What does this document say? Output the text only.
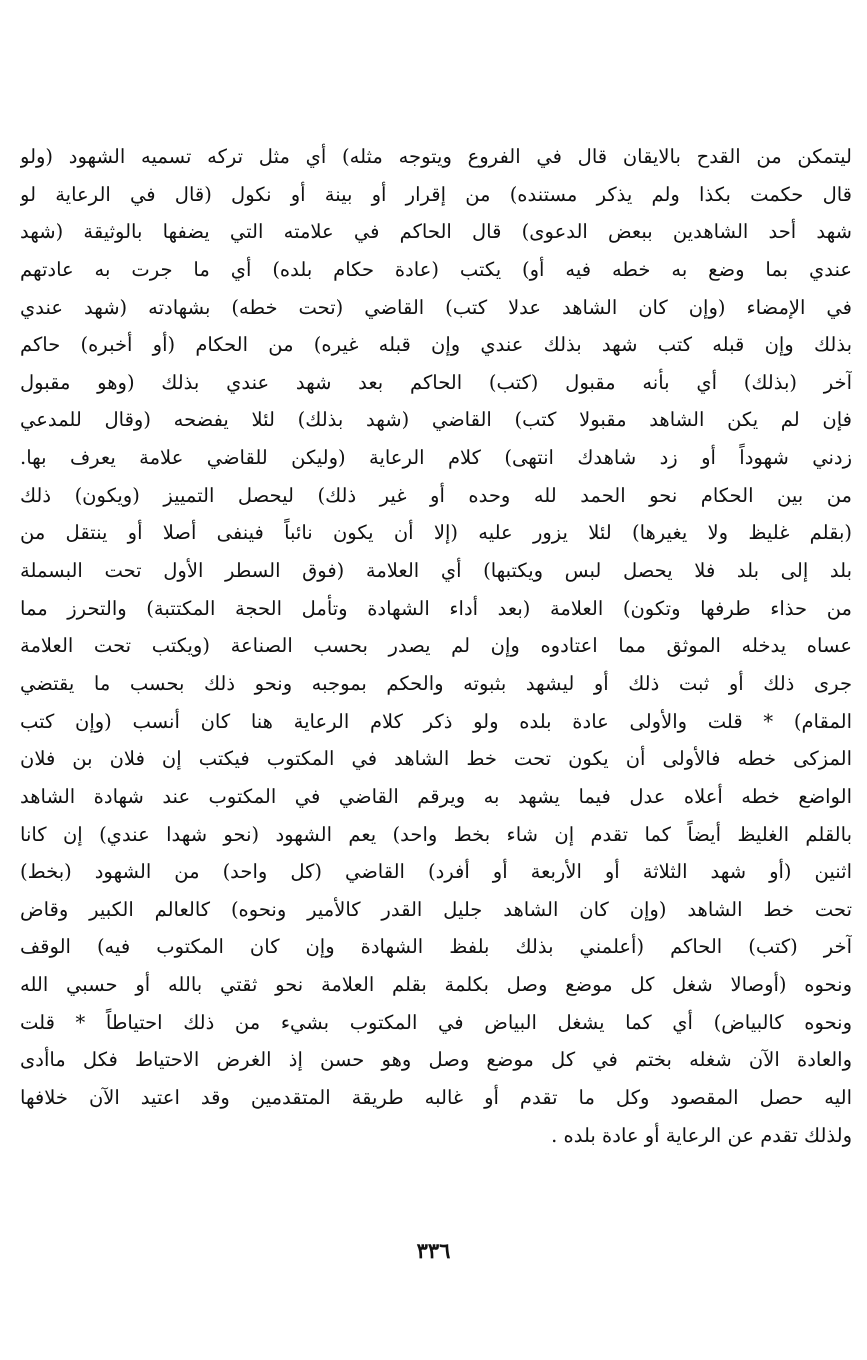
ليتمكن من القدح بالايقان قال في الفروع ويتوجه مثله) أي مثل تركه تسميه الشهود (ولو
قال حكمت بكذا ولم يذكر مستنده) من إقرار أو بينة أو نكول (قال في الرعاية لو
شهد أحد الشاهدين ببعض الدعوى) قال الحاكم في علامته التي يضفها بالوثيقة (شهد
عندي بما وضع به خطه فيه أو) يكتب (عادة حكام بلده) أي ما جرت به عادتهم
في الإمضاء (وإن كان الشاهد عدلا كتب) القاضي (تحت خطه) بشهادته (شهد عندي
بذلك وإن قبله كتب شهد بذلك عندي وإن قبله غيره) من الحكام (أو أخبره) حاكم
آخر (بذلك) أي بأنه مقبول (كتب) الحاكم بعد شهد عندي بذلك (وهو مقبول
فإن لم يكن الشاهد مقبولا كتب) القاضي (شهد بذلك) لئلا يفضحه (وقال للمدعي
زدني شهوداً أو زد شاهدك انتهى) كلام الرعاية (وليكن للقاضي علامة يعرف بها.
من بين الحكام نحو الحمد لله وحده أو غير ذلك) ليحصل التمييز (ويكون) ذلك
(بقلم غليظ ولا يغيرها) لئلا يزور عليه (إلا أن يكون نائباً فينفى أصلا أو ينتقل من
بلد إلى بلد فلا يحصل لبس ويكتبها) أي العلامة (فوق السطر الأول تحت البسملة
من حذاء طرفها وتكون) العلامة (بعد أداء الشهادة وتأمل الحجة المكتتبة) والتحرز مما
عساه يدخله الموثق مما اعتادوه وإن لم يصدر بحسب الصناعة (ويكتب تحت العلامة
جرى ذلك أو ثبت ذلك أو ليشهد بثبوته والحكم بموجبه ونحو ذلك بحسب ما يقتضي
المقام) * قلت والأولى عادة بلده ولو ذكر كلام الرعاية هنا كان أنسب (وإن كتب
المزكى خطه فالأولى أن يكون تحت خط الشاهد في المكتوب فيكتب إن فلان بن فلان
الواضع خطه أعلاه عدل فيما يشهد به ويرقم القاضي في المكتوب عند شهادة الشاهد
بالقلم الغليظ أيضاً كما تقدم إن شاء بخط واحد) يعم الشهود (نحو شهدا عندي) إن كانا
اثنين (أو شهد الثلاثة أو الأربعة أو أفرد) القاضي (كل واحد) من الشهود (بخط)
تحت خط الشاهد (وإن كان الشاهد جليل القدر كالأمير ونحوه) كالعالم الكبير وقاض
آخر (كتب) الحاكم (أعلمني بذلك بلفظ الشهادة وإن كان المكتوب فيه) الوقف
ونحوه (أوصالا شغل كل موضع وصل بكلمة بقلم العلامة نحو ثقتي بالله أو حسبي الله
ونحوه كالبياض) أي كما يشغل البياض في المكتوب بشيء من ذلك احتياطاً * قلت
والعادة الآن شغله بختم في كل موضع وصل وهو حسن إذ الغرض الاحتياط فكل ماأدى
اليه حصل المقصود وكل ما تقدم أو غالبه طريقة المتقدمين وقد اعتيد الآن خلافها
ولذلك تقدم عن الرعاية أو عادة بلده .
٣٣٦
